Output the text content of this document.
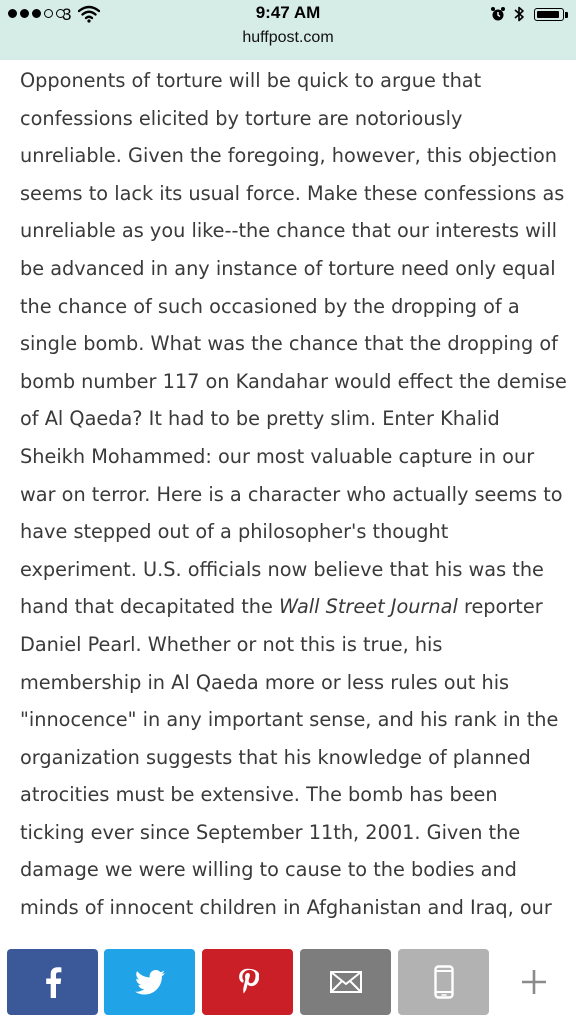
3	9:47 AM
huffpost.com

Opponents of torture will be quick to argue that confessions elicited by torture are notoriously unreliable. Given the foregoing, however, this objection seems to lack its usual force. Make these confessions as unreliable as you like--the chance that our interests will be advanced in any instance of torture need only equal the chance of such occasioned by the dropping of a single bomb. What was the chance that the dropping of bomb number 117 on Kandahar would effect the demise of Al Qaeda? It had to be pretty slim. Enter Khalid Sheikh Mohammed: our most valuable capture in our war on terror. Here is a character who actually seems to have stepped out of a philosopher's thought experiment. U.S. officials now believe that his was the hand that decapitated the Wall Street Journal reporter Daniel Pearl. Whether or not this is true, his membership in Al Qaeda more or less rules out his "innocence" in any important sense, and his rank in the organization suggests that his knowledge of planned atrocities must be extensive. The bomb has been ticking ever since September 11th, 2001. Given the damage we were willing to cause to the bodies and minds of innocent children in Afghanistan and Iraq, our
